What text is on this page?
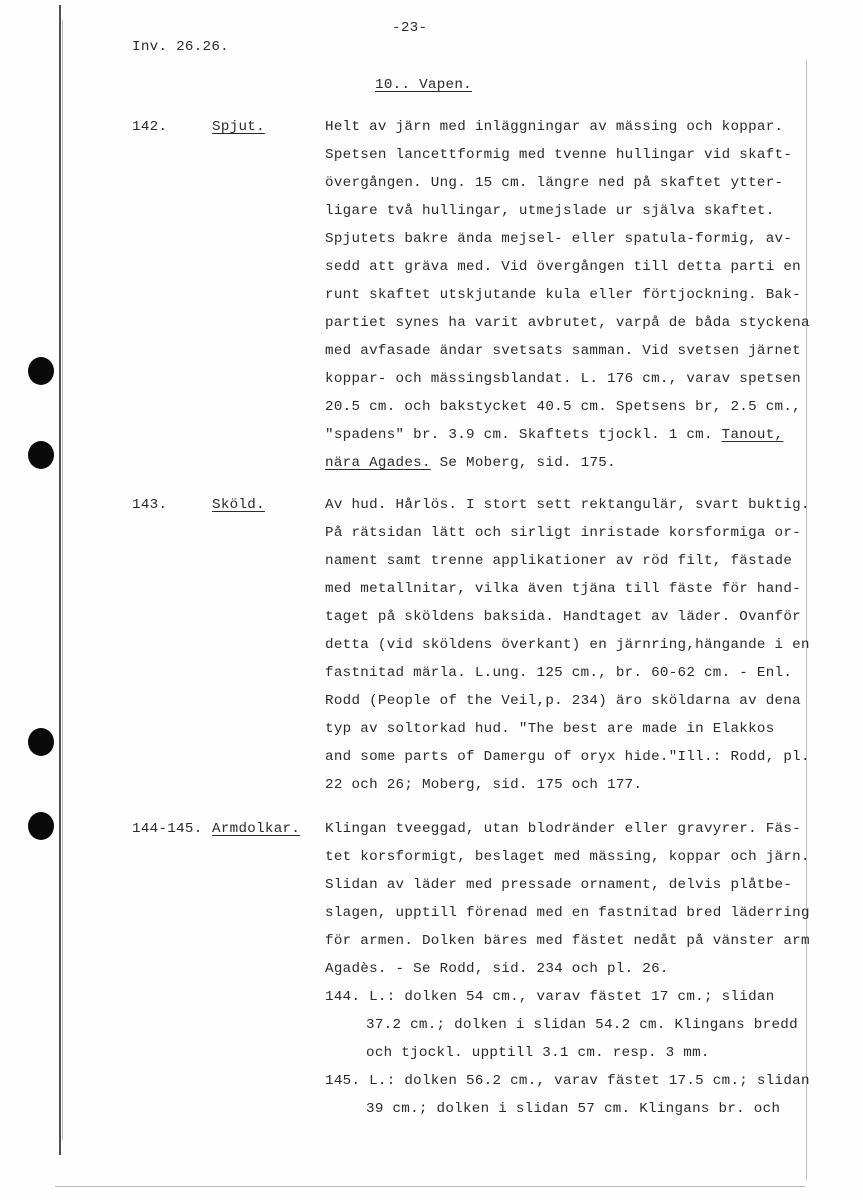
-23-
Inv. 26.26.
10.. Vapen.
142.	Spjut.	Helt av järn med inläggningar av mässing och koppar.
Spetsen lancettformig med tvenne hullingar vid skaft-
övergången. Ung. 15 cm. längre ned på skaftet ytter-
ligare två hullingar, utmejslade ur själva skaftet.
Spjutets bakre ända mejsel- eller spatula-formig, av-
sedd att gräva med. Vid övergången till detta parti en
runt skaftet utskjutande kula eller förtjockning. Bak-
partiet synes ha varit avbrutet, varpå de båda styckena
med avfasade ändar svetsats samman. Vid svetsen järnet
koppar- och mässingsblandat. L. 176 cm., varav spetsen
20.5 cm. och bakstycket 40.5 cm. Spetsens br, 2.5 cm.,
"spadens" br. 3.9 cm. Skaftets tjockl. 1 cm. Tanout,
nära Agades. Se Moberg, sid. 175.
143.	Sköld.	Av hud. Hårlös. I stort sett rektangulär, svart buktig.
På rätsidan lätt och sirligt inristade korsformiga or-
nament samt trenne applikationer av röd filt, fästade
med metallnitar, vilka även tjäna till fäste för hand-
taget på sköldens baksida. Handtaget av läder. Ovanför
detta (vid sköldens överkant) en järnring,hängande i en
fastnitad märla. L.ung. 125 cm., br. 60-62 cm. - Enl.
Rodd (People of the Veil,p. 234) äro sköldarna av dena
typ av soltorkad hud. "The best are made in Elakkos
and some parts of Damergu of oryx hide."Ill.: Rodd, pl.
22 och 26; Moberg, sid. 175 och 177.
144-145. Armdolkar. Klingan tveeggad, utan blodränder eller gravyrer. Fäs-
tet korsformigt, beslaget med mässing, koppar och järn.
Slidan av läder med pressade ornament, delvis plåtbe-
slagen, upptill förenad med en fastnitad bred läderring
för armen. Dolken bäres med fästet nedåt på vänster arm
Agadès. - Se Rodd, sid. 234 och pl. 26.
144. L.: dolken 54 cm., varav fästet 17 cm.; slidan
37.2 cm.; dolken i slidan 54.2 cm. Klingans bredd
och tjockl. upptill 3.1 cm. resp. 3 mm.
145. L.: dolken 56.2 cm., varav fästet 17.5 cm.; slidan
39 cm.; dolken i slidan 57 cm. Klingans br. och
